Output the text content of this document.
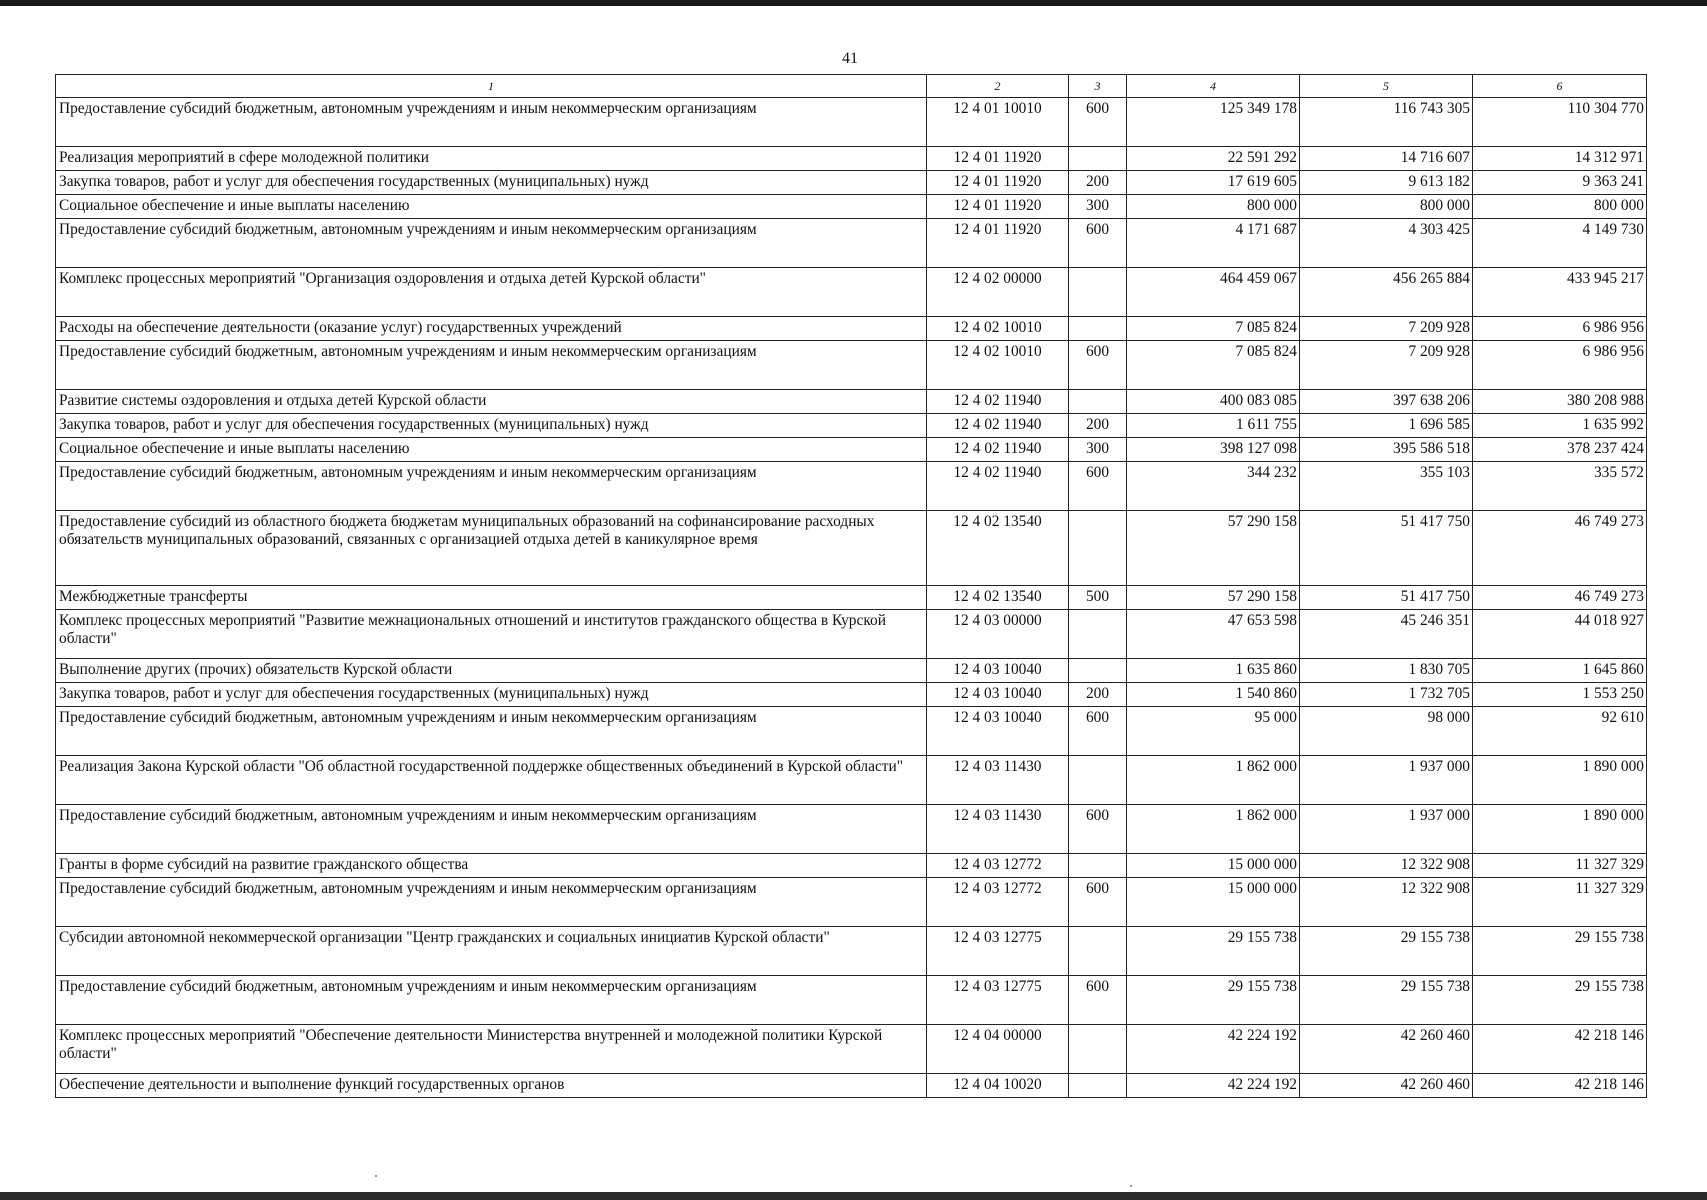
41
1	2	3	4	5	6
Предоставление субсидий бюджетным, автономным учреждениям и иным некоммерческим организациям	12 4 01 10010	600	125 349 178	116 743 305	110 304 770
Реализация мероприятий в сфере молодежной политики	12 4 01 11920		22 591 292	14 716 607	14 312 971
Закупка товаров, работ и услуг для обеспечения государственных (муниципальных) нужд	12 4 01 11920	200	17 619 605	9 613 182	9 363 241
Социальное обеспечение и иные выплаты населению	12 4 01 11920	300	800 000	800 000	800 000
Предоставление субсидий бюджетным, автономным учреждениям и иным некоммерческим организациям	12 4 01 11920	600	4 171 687	4 303 425	4 149 730
Комплекс процессных мероприятий "Организация оздоровления и отдыха детей Курской области"	12 4 02 00000		464 459 067	456 265 884	433 945 217
Расходы на обеспечение деятельности (оказание услуг) государственных учреждений	12 4 02 10010		7 085 824	7 209 928	6 986 956
Предоставление субсидий бюджетным, автономным учреждениям и иным некоммерческим организациям	12 4 02 10010	600	7 085 824	7 209 928	6 986 956
Развитие системы оздоровления и отдыха детей Курской области	12 4 02 11940		400 083 085	397 638 206	380 208 988
Закупка товаров, работ и услуг для обеспечения государственных (муниципальных) нужд	12 4 02 11940	200	1 611 755	1 696 585	1 635 992
Социальное обеспечение и иные выплаты населению	12 4 02 11940	300	398 127 098	395 586 518	378 237 424
Предоставление субсидий бюджетным, автономным учреждениям и иным некоммерческим организациям	12 4 02 11940	600	344 232	355 103	335 572
Предоставление субсидий из областного бюджета бюджетам муниципальных образований на софинансирование расходных обязательств муниципальных образований, связанных с организацией отдыха детей в каникулярное время	12 4 02 13540		57 290 158	51 417 750	46 749 273
Межбюджетные трансферты	12 4 02 13540	500	57 290 158	51 417 750	46 749 273
Комплекс процессных мероприятий "Развитие межнациональных отношений и институтов гражданского общества в Курской области"	12 4 03 00000		47 653 598	45 246 351	44 018 927
Выполнение других (прочих) обязательств Курской области	12 4 03 10040		1 635 860	1 830 705	1 645 860
Закупка товаров, работ и услуг для обеспечения государственных (муниципальных) нужд	12 4 03 10040	200	1 540 860	1 732 705	1 553 250
Предоставление субсидий бюджетным, автономным учреждениям и иным некоммерческим организациям	12 4 03 10040	600	95 000	98 000	92 610
Реализация Закона Курской области "Об областной государственной поддержке общественных объединений в Курской области"	12 4 03 11430		1 862 000	1 937 000	1 890 000
Предоставление субсидий бюджетным, автономным учреждениям и иным некоммерческим организациям	12 4 03 11430	600	1 862 000	1 937 000	1 890 000
Гранты в форме субсидий на развитие гражданского общества	12 4 03 12772		15 000 000	12 322 908	11 327 329
Предоставление субсидий бюджетным, автономным учреждениям и иным некоммерческим организациям	12 4 03 12772	600	15 000 000	12 322 908	11 327 329
Субсидии автономной некоммерческой организации "Центр гражданских и социальных инициатив Курской области"	12 4 03 12775		29 155 738	29 155 738	29 155 738
Предоставление субсидий бюджетным, автономным учреждениям и иным некоммерческим организациям	12 4 03 12775	600	29 155 738	29 155 738	29 155 738
Комплекс процессных мероприятий "Обеспечение деятельности Министерства внутренней и молодежной политики Курской области"	12 4 04 00000		42 224 192	42 260 460	42 218 146
Обеспечение деятельности и выполнение функций государственных органов	12 4 04 10020		42 224 192	42 260 460	42 218 146
